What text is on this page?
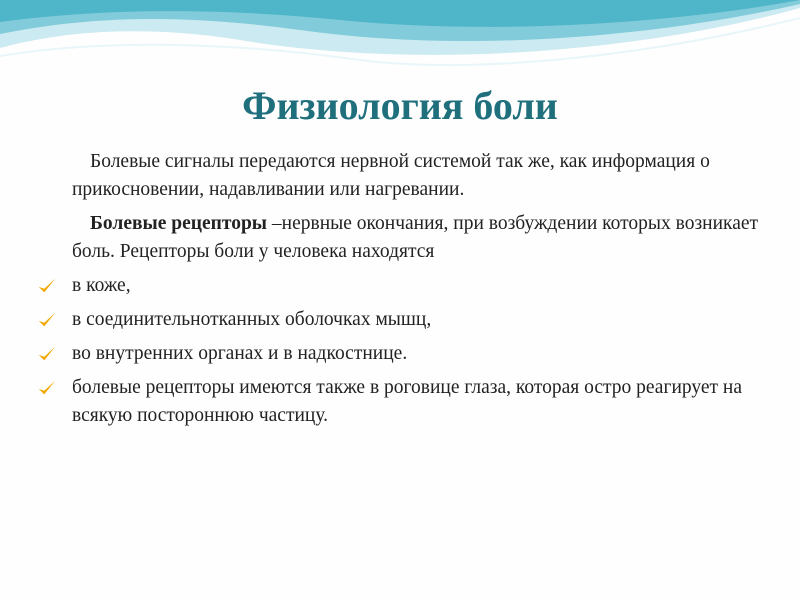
Физиология боли

Болевые сигналы передаются нервной системой так же, как информация о прикосновении, надавливании или нагревании.

Болевые рецепторы –нервные окончания, при возбуждении которых возникает боль. Рецепторы боли у человека находятся

в коже,
в соединительнотканных оболочках мышц,
во внутренних органах и в надкостнице.
болевые рецепторы имеются также в роговице глаза, которая остро реагирует на всякую постороннюю частицу.
